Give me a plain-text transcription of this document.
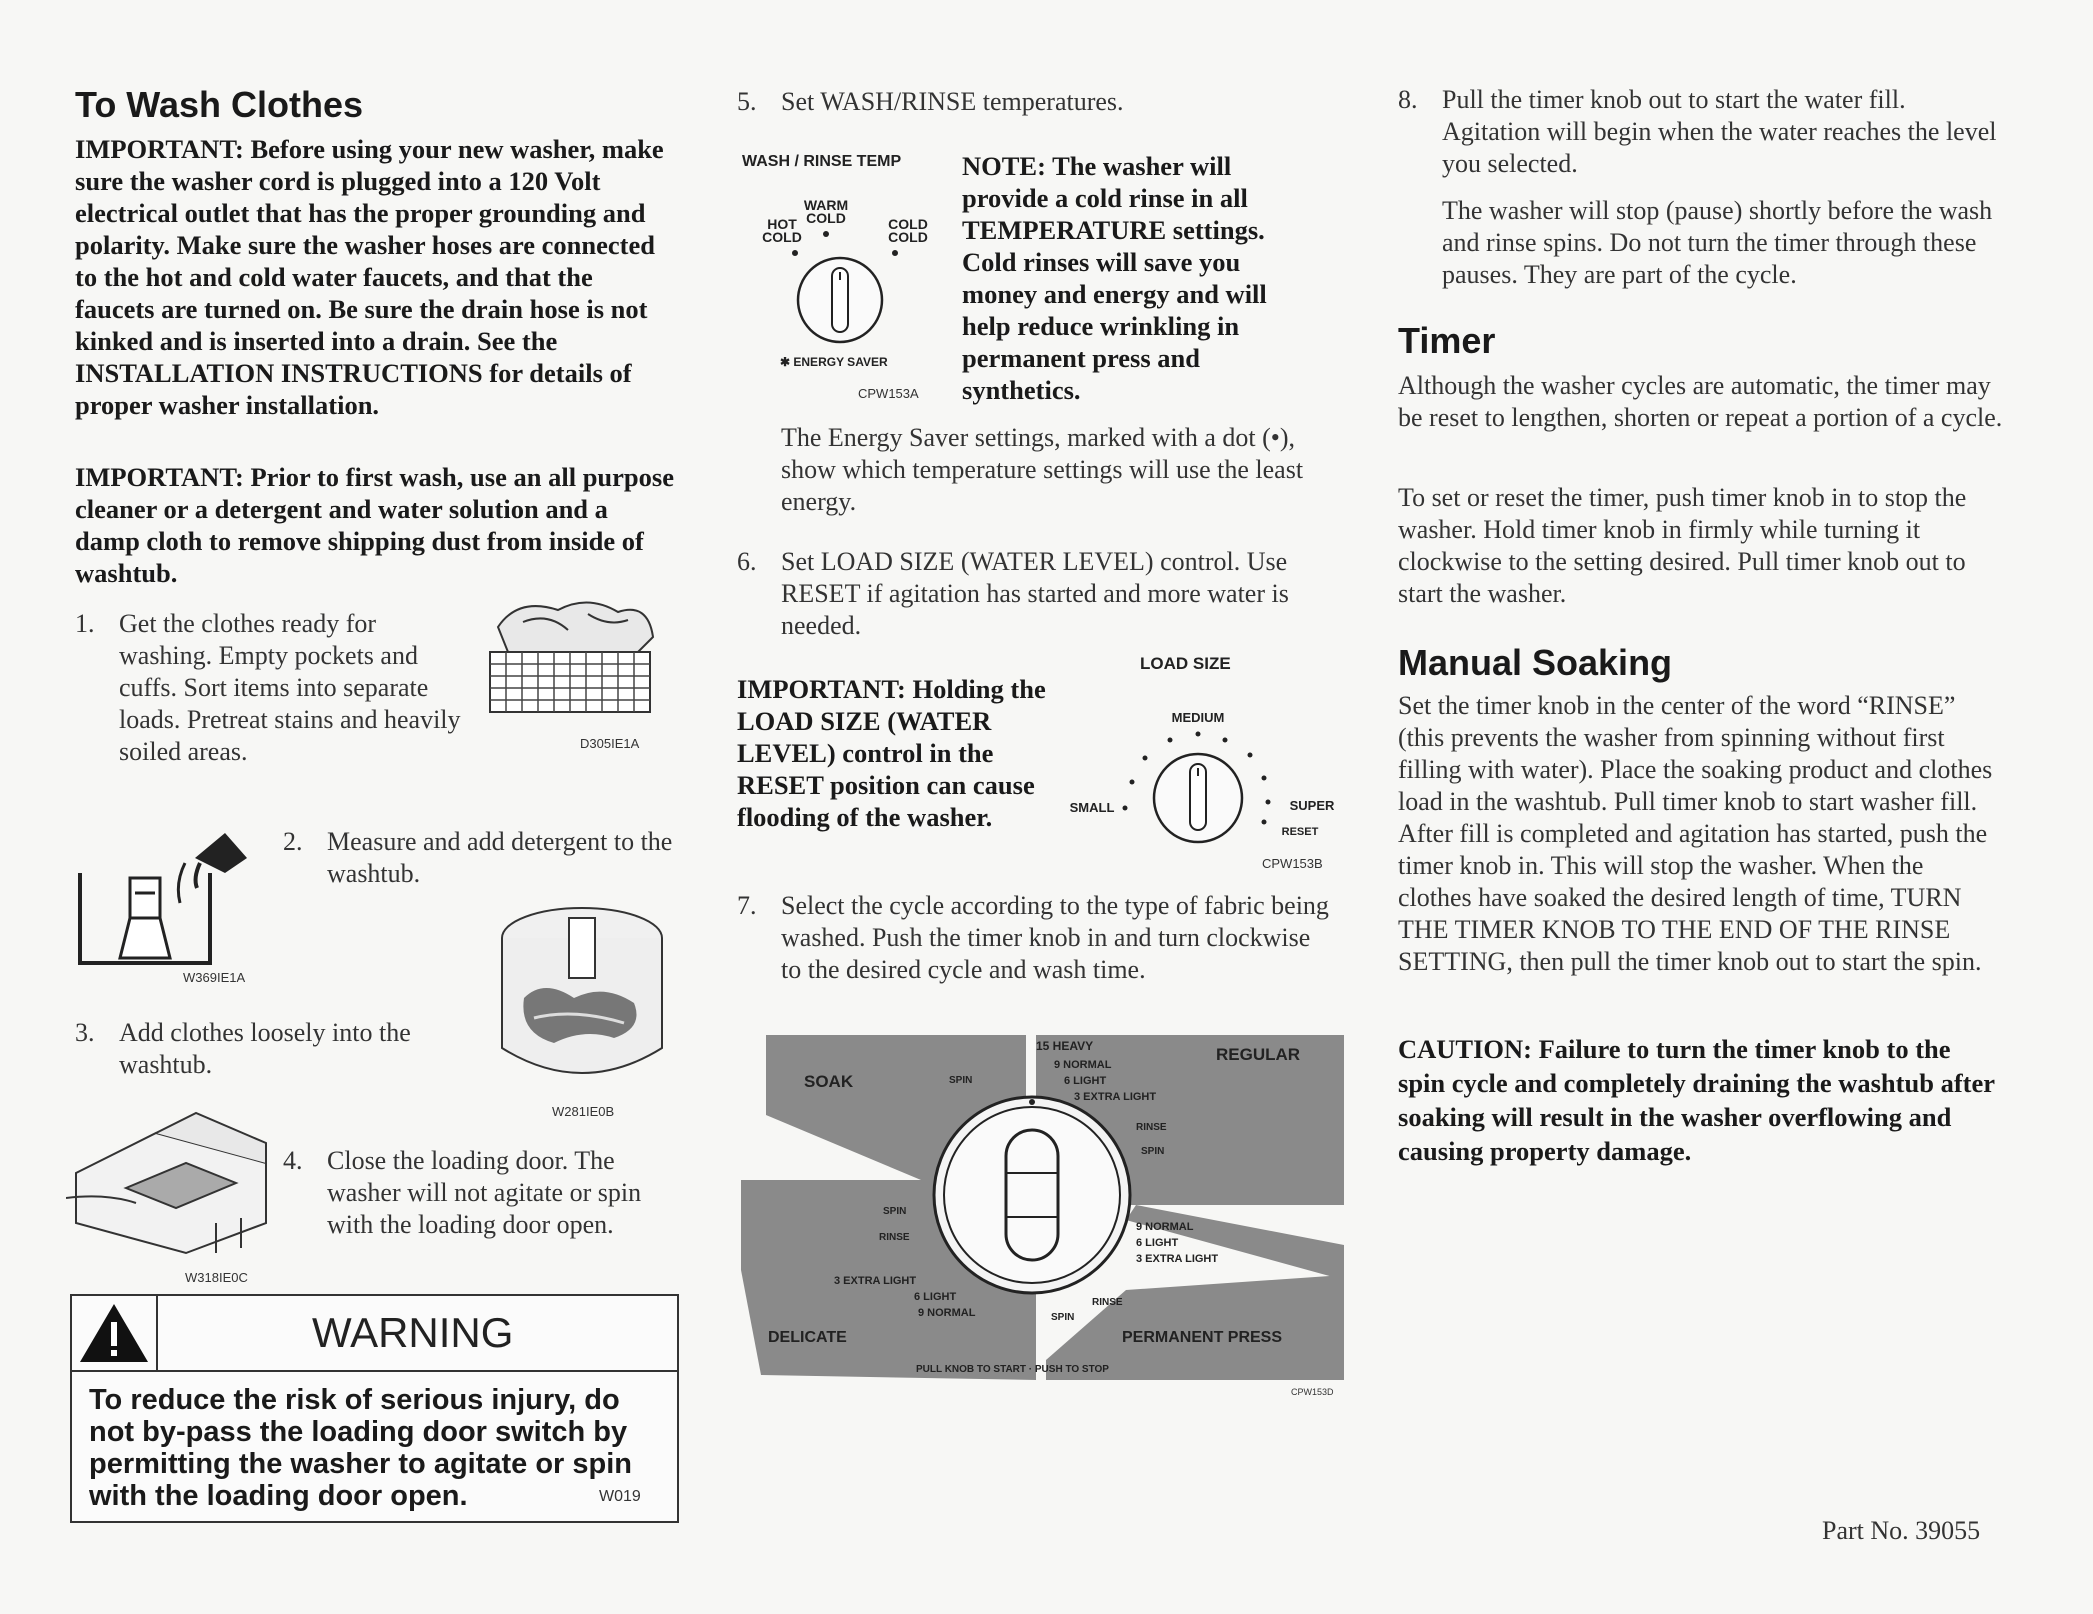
To Wash Clothes

IMPORTANT: Before using your new washer, make sure the washer cord is plugged into a 120 Volt electrical outlet that has the proper grounding and polarity. Make sure the washer hoses are connected to the hot and cold water faucets, and that the faucets are turned on. Be sure the drain hose is not kinked and is inserted into a drain. See the INSTALLATION INSTRUCTIONS for details of proper washer installation.

IMPORTANT: Prior to first wash, use an all purpose cleaner or a detergent and water solution and a damp cloth to remove shipping dust from inside of washtub.

1. Get the clothes ready for washing. Empty pockets and cuffs. Sort items into separate loads. Pretreat stains and heavily soiled areas.	D305IE1A
W369IE1A
2. Measure and add detergent to the washtub.

3. Add clothes loosely into the washtub.

W281IE0B
W318IE0C
4. Close the loading door. The washer will not agitate or spin with the loading door open.

WARNING

To reduce the risk of serious injury, do not by-pass the loading door switch by permitting the washer to agitate or spin with the loading door open.	W019
5. Set WASH/RINSE temperatures.

WASH / RINSE TEMP
WARM
COLD
HOT
COLD
COLD
COLD
✱ ENERGY SAVER
CPW153A

NOTE: The washer will provide a cold rinse in all TEMPERATURE settings. Cold rinses will save you money and energy and will help reduce wrinkling in permanent press and synthetics.

The Energy Saver settings, marked with a dot (•), show which temperature settings will use the least energy.

6. Set LOAD SIZE (WATER LEVEL) control. Use RESET if agitation has started and more water is needed.

IMPORTANT: Holding the LOAD SIZE (WATER LEVEL) control in the RESET position can cause flooding of the washer.

LOAD SIZE
MEDIUM
SMALL	SUPER
RESET
CPW153B
7. Select the cycle according to the type of fabric being washed. Push the timer knob in and turn clockwise to the desired cycle and wash time.

SOAK	SPIN
REGULAR
15 HEAVY
9 NORMAL
6 LIGHT
3 EXTRA LIGHT
RINSE
SPIN
9 NORMAL
6 LIGHT
3 EXTRA LIGHT
RINSE
SPIN
PERMANENT PRESS
SPIN
RINSE
3 EXTRA LIGHT
6 LIGHT
9 NORMAL
DELICATE
PULL KNOB TO START · PUSH TO STOP
CPW153D
8. Pull the timer knob out to start the water fill. Agitation will begin when the water reaches the level you selected.

The washer will stop (pause) shortly before the wash and rinse spins. Do not turn the timer through these pauses. They are part of the cycle.

Timer

Although the washer cycles are automatic, the timer may be reset to lengthen, shorten or repeat a portion of a cycle.

To set or reset the timer, push timer knob in to stop the washer. Hold timer knob in firmly while turning it clockwise to the setting desired. Pull timer knob out to start the washer.

Manual Soaking

Set the timer knob in the center of the word “RINSE” (this prevents the washer from spinning without first filling with water). Place the soaking product and clothes load in the washtub. Pull timer knob to start washer fill. After fill is completed and agitation has started, push the timer knob in. This will stop the washer. When the clothes have soaked the desired length of time, TURN THE TIMER KNOB TO THE END OF THE RINSE SETTING, then pull the timer knob out to start the spin.

CAUTION: Failure to turn the timer knob to the spin cycle and completely draining the washtub after soaking will result in the washer overflowing and causing property damage.

Part No. 39055
